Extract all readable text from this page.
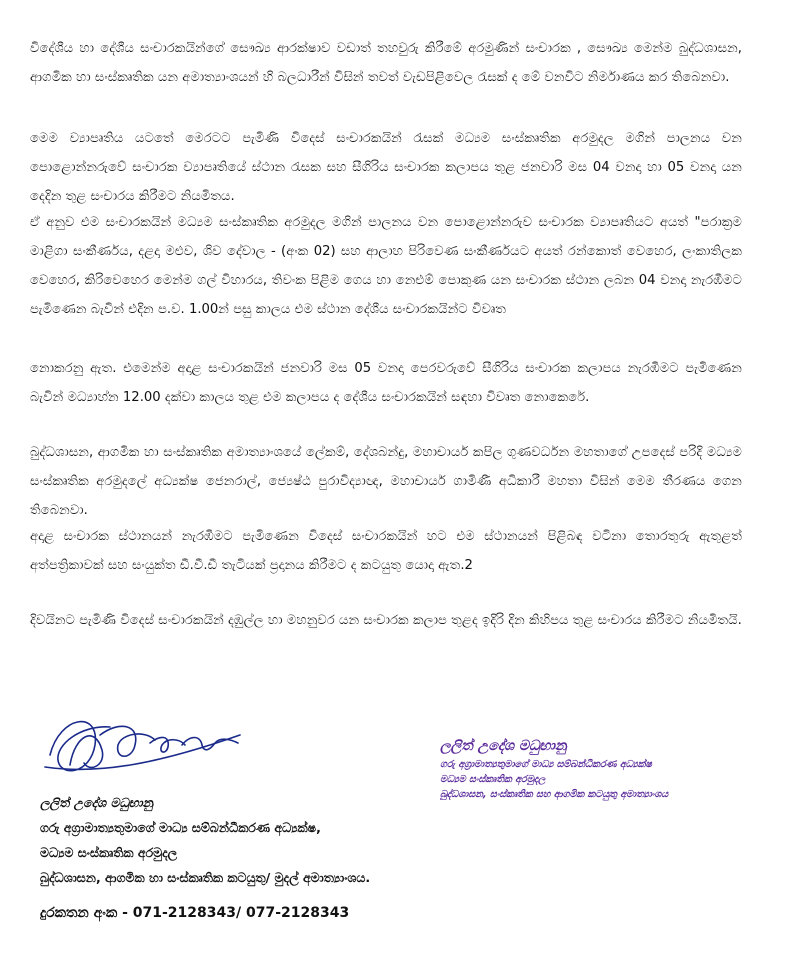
විදේශීය හා දේශීය සංචාරකයින්ගේ සෞඛ්‍ය ආරක්ෂාව වඩාත් තහවුරු කිරීමේ අරමුණින් සංචාරක , සෞඛ්‍ය මෙන්ම බුද්ධශාසන, ආගමික හා සංස්කෘතික යන අමාත්‍යාංශයන් හි බලධාරීන් විසින් තවත් වැඩපිළිවෙල රැසක් ද මේ වනවිට නිර්මාණය කර තිබෙනවා.

මෙම ව්‍යාපෘතිය යටතේ මෙරටට පැමිණි විදෙස් සංචාරකයින් රැසක් මධ්‍යම සංස්කෘතික අරමුදල මගින් පාලනය වන පොළොන්නරුවේ සංචාරක ව්‍යාපෘතියේ ස්ථාන රැසක සහ සීගිරිය සංචාරක කලාපය තුළ ජනවාරි මස 04 වනදා හා 05 වනදා යන දෙදින තුළ සංචාරය කිරීමට නියමිතය.

ඒ අනුව එම සංචාරකයින් මධ්‍යම සංස්කෘතික අරමුදල මගින් පාලනය වන පොළොන්නරුව සංචාරක ව්‍යාපෘතියට අයත් "පරාක්‍රම මාළිගා සංකීර්ණය, දළදා මළුව, ශිව දේවාල - (අංක 02) සහ ආලාහ පිරිවෙණ සංකීර්ණයට අයත් රන්කොත් වෙහෙර, ලංකාතිලක වෙහෙර, කිරිවෙහෙර මෙන්ම ගල් විහාරය, තිවංක පිළිම ගෙය හා නෙළුම් පොකුණ යන සංචාරක ස්ථාන ලබන 04 වනදා නැරඹීමට පැමිණෙන බැවින් එදින ප.ව. 1.00න් පසු කාලය එම ස්ථාන දේශීය සංචාරකයින්ට විවෘත

නොකරනු ඇත. එමෙන්ම අදාළ සංචාරකයින් ජනවාරි මස 05 වනදා පෙරවරුවේ සීගිරිය සංචාරක කලාපය නැරඹීමට පැමිණෙන බැවින් මධ්‍යාහ්න 12.00 දක්වා කාලය තුළ එම කලාපය ද දේශීය සංචාරකයින් සඳහා විවෘත නොකෙරේ.

බුද්ධශාසන, ආගමික හා සංස්කෘතික අමාත්‍යාංශයේ ලේකම්, දේශබන්දු, මහාචාර්ය කපිල ගුණවර්ධන මහතාගේ උපදෙස් පරිදි මධ්‍යම සංස්කෘතික අරමුදලේ අධ්‍යක්ෂ ජෙනරාල්, ජ්‍යෙෂ්ඨ පුරාවිද්‍යාඥ, මහාචාර්ය ගාමිණී අධිකාරී මහතා විසින් මෙම තීරණය ගෙන තිබෙනවා.

අදාළ සංචාරක ස්ථානයන් නැරඹීමට පැමිණෙන විදෙස් සංචාරකයින් හට එම ස්ථානයන් පිළිබඳ වටිනා තොරතුරු ඇතුළත් අත්පත්‍රිකාවක් සහ සංයුක්ත ඩී.වී.ඩී තැටියක් ප්‍රදානය කිරීමට ද කටයුතු යොදා ඇත.2

දිවයිනට පැමිණි විදෙස් සංචාරකයින් දඹුල්ල හා මහනුවර යන සංචාරක කලාප තුළද ඉදිරි දින කිහිපය තුළ සංචාරය කිරීමට නියමිතයි.

ලලිත් උදේශ මධුභානු
ගරු අග්‍රාමාත්‍යතුමාගේ මාධ්‍ය සම්බන්ධීකරණ අධ්‍යක්ෂ,
මධ්‍යම සංස්කෘතික අරමුදල
බුද්ධශාසන, ආගමික හා සංස්කෘතික කටයුතු/ මුදල් අමාත්‍යාංශය.
ලලිත් උදේශ මධුභානු
ගරු අග්‍රාමාත්‍යතුමාගේ මාධ්‍ය සම්බන්ධීකරණ අධ්‍යක්ෂ
මධ්‍යම සංස්කෘතික අරමුදල
බුද්ධශාසන, සංස්කෘතික සහ ආගමික කටයුතු අමාත්‍යාංශය
දුරකතන අංක - 071-2128343/ 077-2128343
